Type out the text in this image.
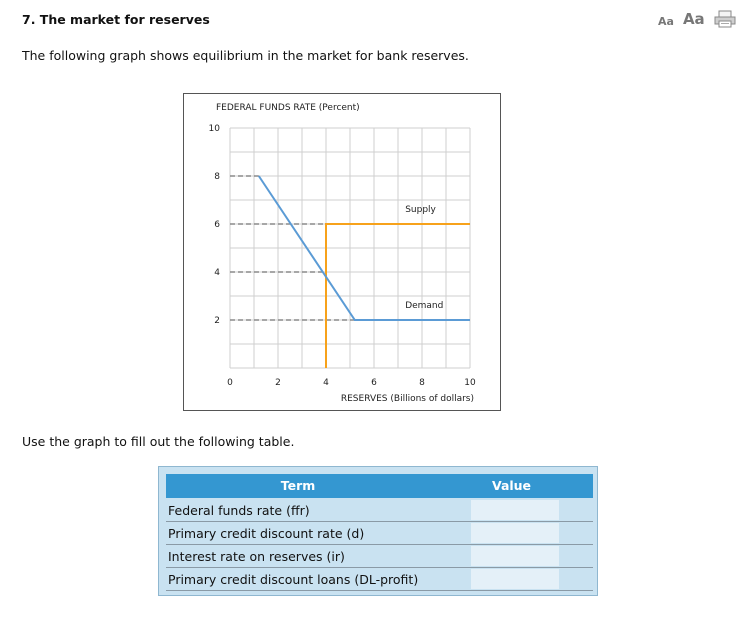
7. The market for reserves	Aa Aa

The following graph shows equilibrium in the market for bank reserves.

FEDERAL FUNDS RATE (Percent)
RESERVES (Billions of dollars)
0	2	4	6	8	10
2
4
6
8
10
Supply
Demand

Use the graph to fill out the following table.

Term	Value
Federal funds rate (ffr)
Primary credit discount rate (d)
Interest rate on reserves (ir)
Primary credit discount loans (DL-profit)
